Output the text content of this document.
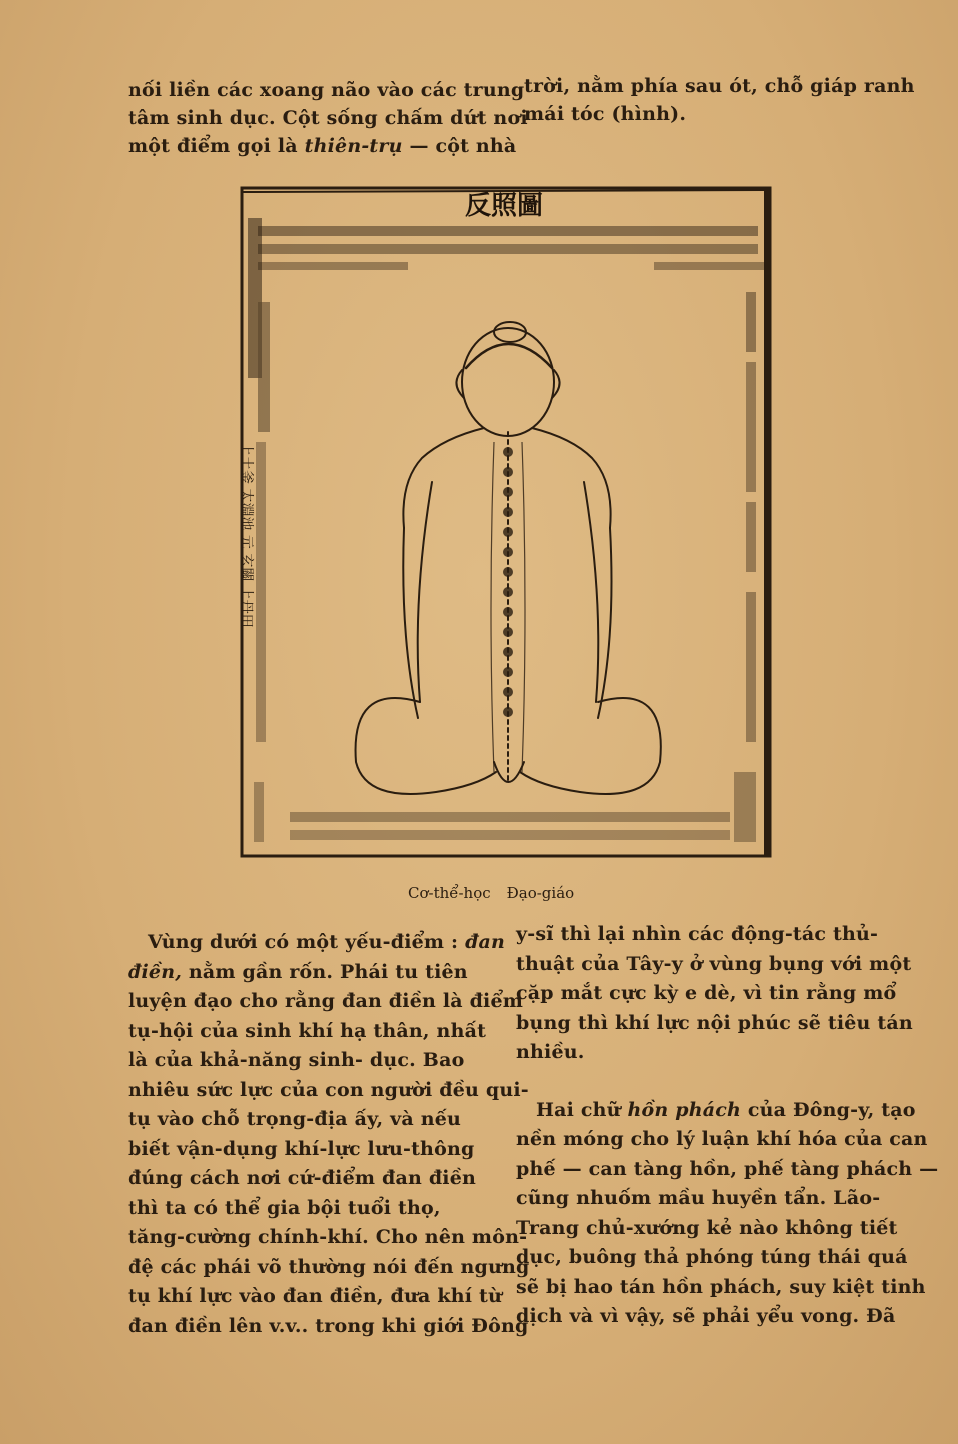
nối liền các xoang não vào các trung
tâm sinh dục. Cột sống chấm dứt nơi
một điểm gọi là thiên-trụ — cột nhà
trời, nằm phía sau ót, chỗ giáp ranh
mái tóc (hình).
反照圖
上土釜 太淵池 元 玄關 上丹田
Cơ-thể-học Đạo-giáo
Vùng dưới có một yếu-điểm : đan
điền, nằm gần rốn. Phái tu tiên
luyện đạo cho rằng đan điền là điểm
tụ-hội của sinh khí hạ thân, nhất
là của khả-năng sinh- dục. Bao
nhiêu sức lực của con người đều qui-
tụ vào chỗ trọng-địa ấy, và nếu
biết vận-dụng khí-lực lưu-thông
đúng cách nơi cứ-điểm đan điền
thì ta có thể gia bội tuổi thọ,
tăng-cường chính-khí. Cho nên môn-
đệ các phái võ thường nói đến ngưng
tụ khí lực vào đan điền, đưa khí từ
đan điền lên v.v.. trong khi giới Đông
y-sĩ thì lại nhìn các động-tác thủ-
thuật của Tây-y ở vùng bụng với một
cặp mắt cực kỳ e dè, vì tin rằng mổ
bụng thì khí lực nội phúc sẽ tiêu tán
nhiều.
Hai chữ hồn phách của Đông-y, tạo
nền móng cho lý luận khí hóa của can
phế — can tàng hồn, phế tàng phách —
cũng nhuốm mầu huyền tẩn. Lão-
Trang chủ-xướng kẻ nào không tiết
dục, buông thả phóng túng thái quá
sẽ bị hao tán hồn phách, suy kiệt tinh
dịch và vì vậy, sẽ phải yểu vong. Đã
